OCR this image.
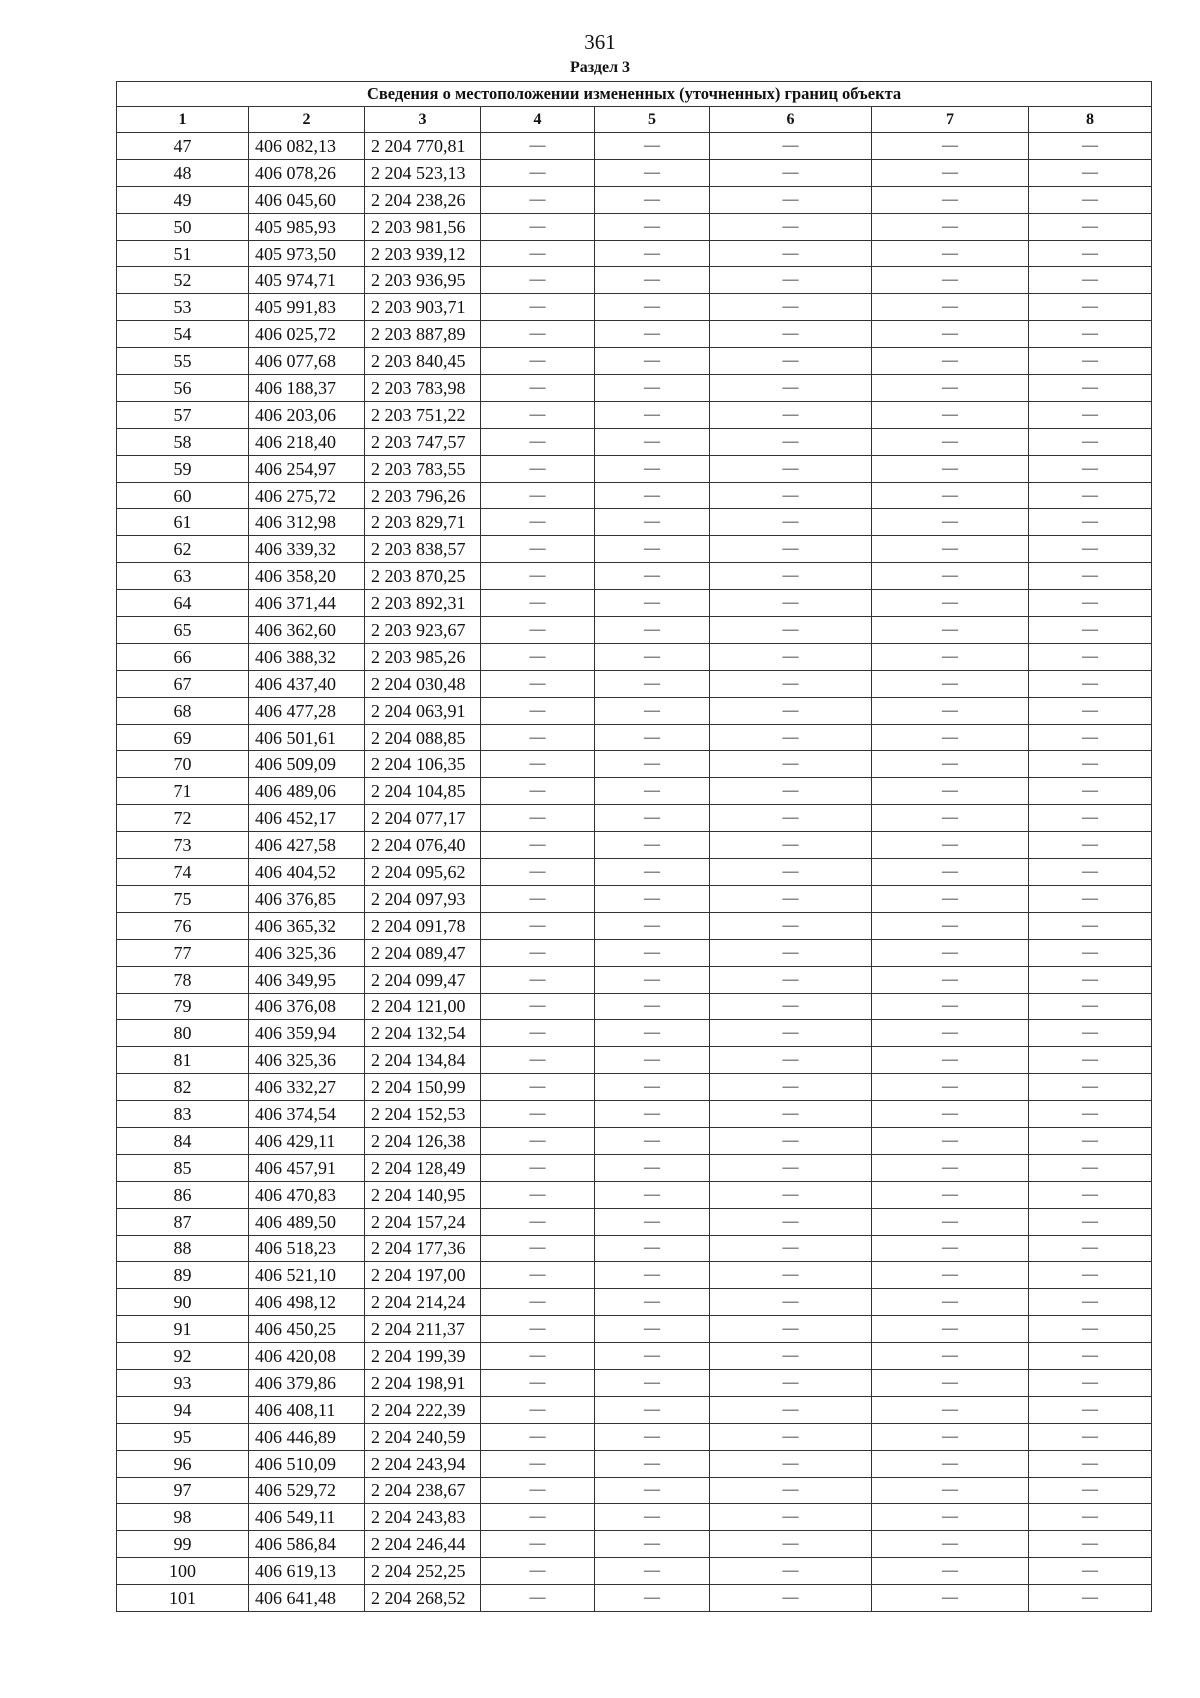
361
Раздел 3
Сведения о местоположении измененных (уточненных) границ объекта							
1	2	3	4	5	6	7	8
47	406 082,13	2 204 770,81	—	—	—	—	—
48	406 078,26	2 204 523,13	—	—	—	—	—
49	406 045,60	2 204 238,26	—	—	—	—	—
50	405 985,93	2 203 981,56	—	—	—	—	—
51	405 973,50	2 203 939,12	—	—	—	—	—
52	405 974,71	2 203 936,95	—	—	—	—	—
53	405 991,83	2 203 903,71	—	—	—	—	—
54	406 025,72	2 203 887,89	—	—	—	—	—
55	406 077,68	2 203 840,45	—	—	—	—	—
56	406 188,37	2 203 783,98	—	—	—	—	—
57	406 203,06	2 203 751,22	—	—	—	—	—
58	406 218,40	2 203 747,57	—	—	—	—	—
59	406 254,97	2 203 783,55	—	—	—	—	—
60	406 275,72	2 203 796,26	—	—	—	—	—
61	406 312,98	2 203 829,71	—	—	—	—	—
62	406 339,32	2 203 838,57	—	—	—	—	—
63	406 358,20	2 203 870,25	—	—	—	—	—
64	406 371,44	2 203 892,31	—	—	—	—	—
65	406 362,60	2 203 923,67	—	—	—	—	—
66	406 388,32	2 203 985,26	—	—	—	—	—
67	406 437,40	2 204 030,48	—	—	—	—	—
68	406 477,28	2 204 063,91	—	—	—	—	—
69	406 501,61	2 204 088,85	—	—	—	—	—
70	406 509,09	2 204 106,35	—	—	—	—	—
71	406 489,06	2 204 104,85	—	—	—	—	—
72	406 452,17	2 204 077,17	—	—	—	—	—
73	406 427,58	2 204 076,40	—	—	—	—	—
74	406 404,52	2 204 095,62	—	—	—	—	—
75	406 376,85	2 204 097,93	—	—	—	—	—
76	406 365,32	2 204 091,78	—	—	—	—	—
77	406 325,36	2 204 089,47	—	—	—	—	—
78	406 349,95	2 204 099,47	—	—	—	—	—
79	406 376,08	2 204 121,00	—	—	—	—	—
80	406 359,94	2 204 132,54	—	—	—	—	—
81	406 325,36	2 204 134,84	—	—	—	—	—
82	406 332,27	2 204 150,99	—	—	—	—	—
83	406 374,54	2 204 152,53	—	—	—	—	—
84	406 429,11	2 204 126,38	—	—	—	—	—
85	406 457,91	2 204 128,49	—	—	—	—	—
86	406 470,83	2 204 140,95	—	—	—	—	—
87	406 489,50	2 204 157,24	—	—	—	—	—
88	406 518,23	2 204 177,36	—	—	—	—	—
89	406 521,10	2 204 197,00	—	—	—	—	—
90	406 498,12	2 204 214,24	—	—	—	—	—
91	406 450,25	2 204 211,37	—	—	—	—	—
92	406 420,08	2 204 199,39	—	—	—	—	—
93	406 379,86	2 204 198,91	—	—	—	—	—
94	406 408,11	2 204 222,39	—	—	—	—	—
95	406 446,89	2 204 240,59	—	—	—	—	—
96	406 510,09	2 204 243,94	—	—	—	—	—
97	406 529,72	2 204 238,67	—	—	—	—	—
98	406 549,11	2 204 243,83	—	—	—	—	—
99	406 586,84	2 204 246,44	—	—	—	—	—
100	406 619,13	2 204 252,25	—	—	—	—	—
101	406 641,48	2 204 268,52	—	—	—	—	—
